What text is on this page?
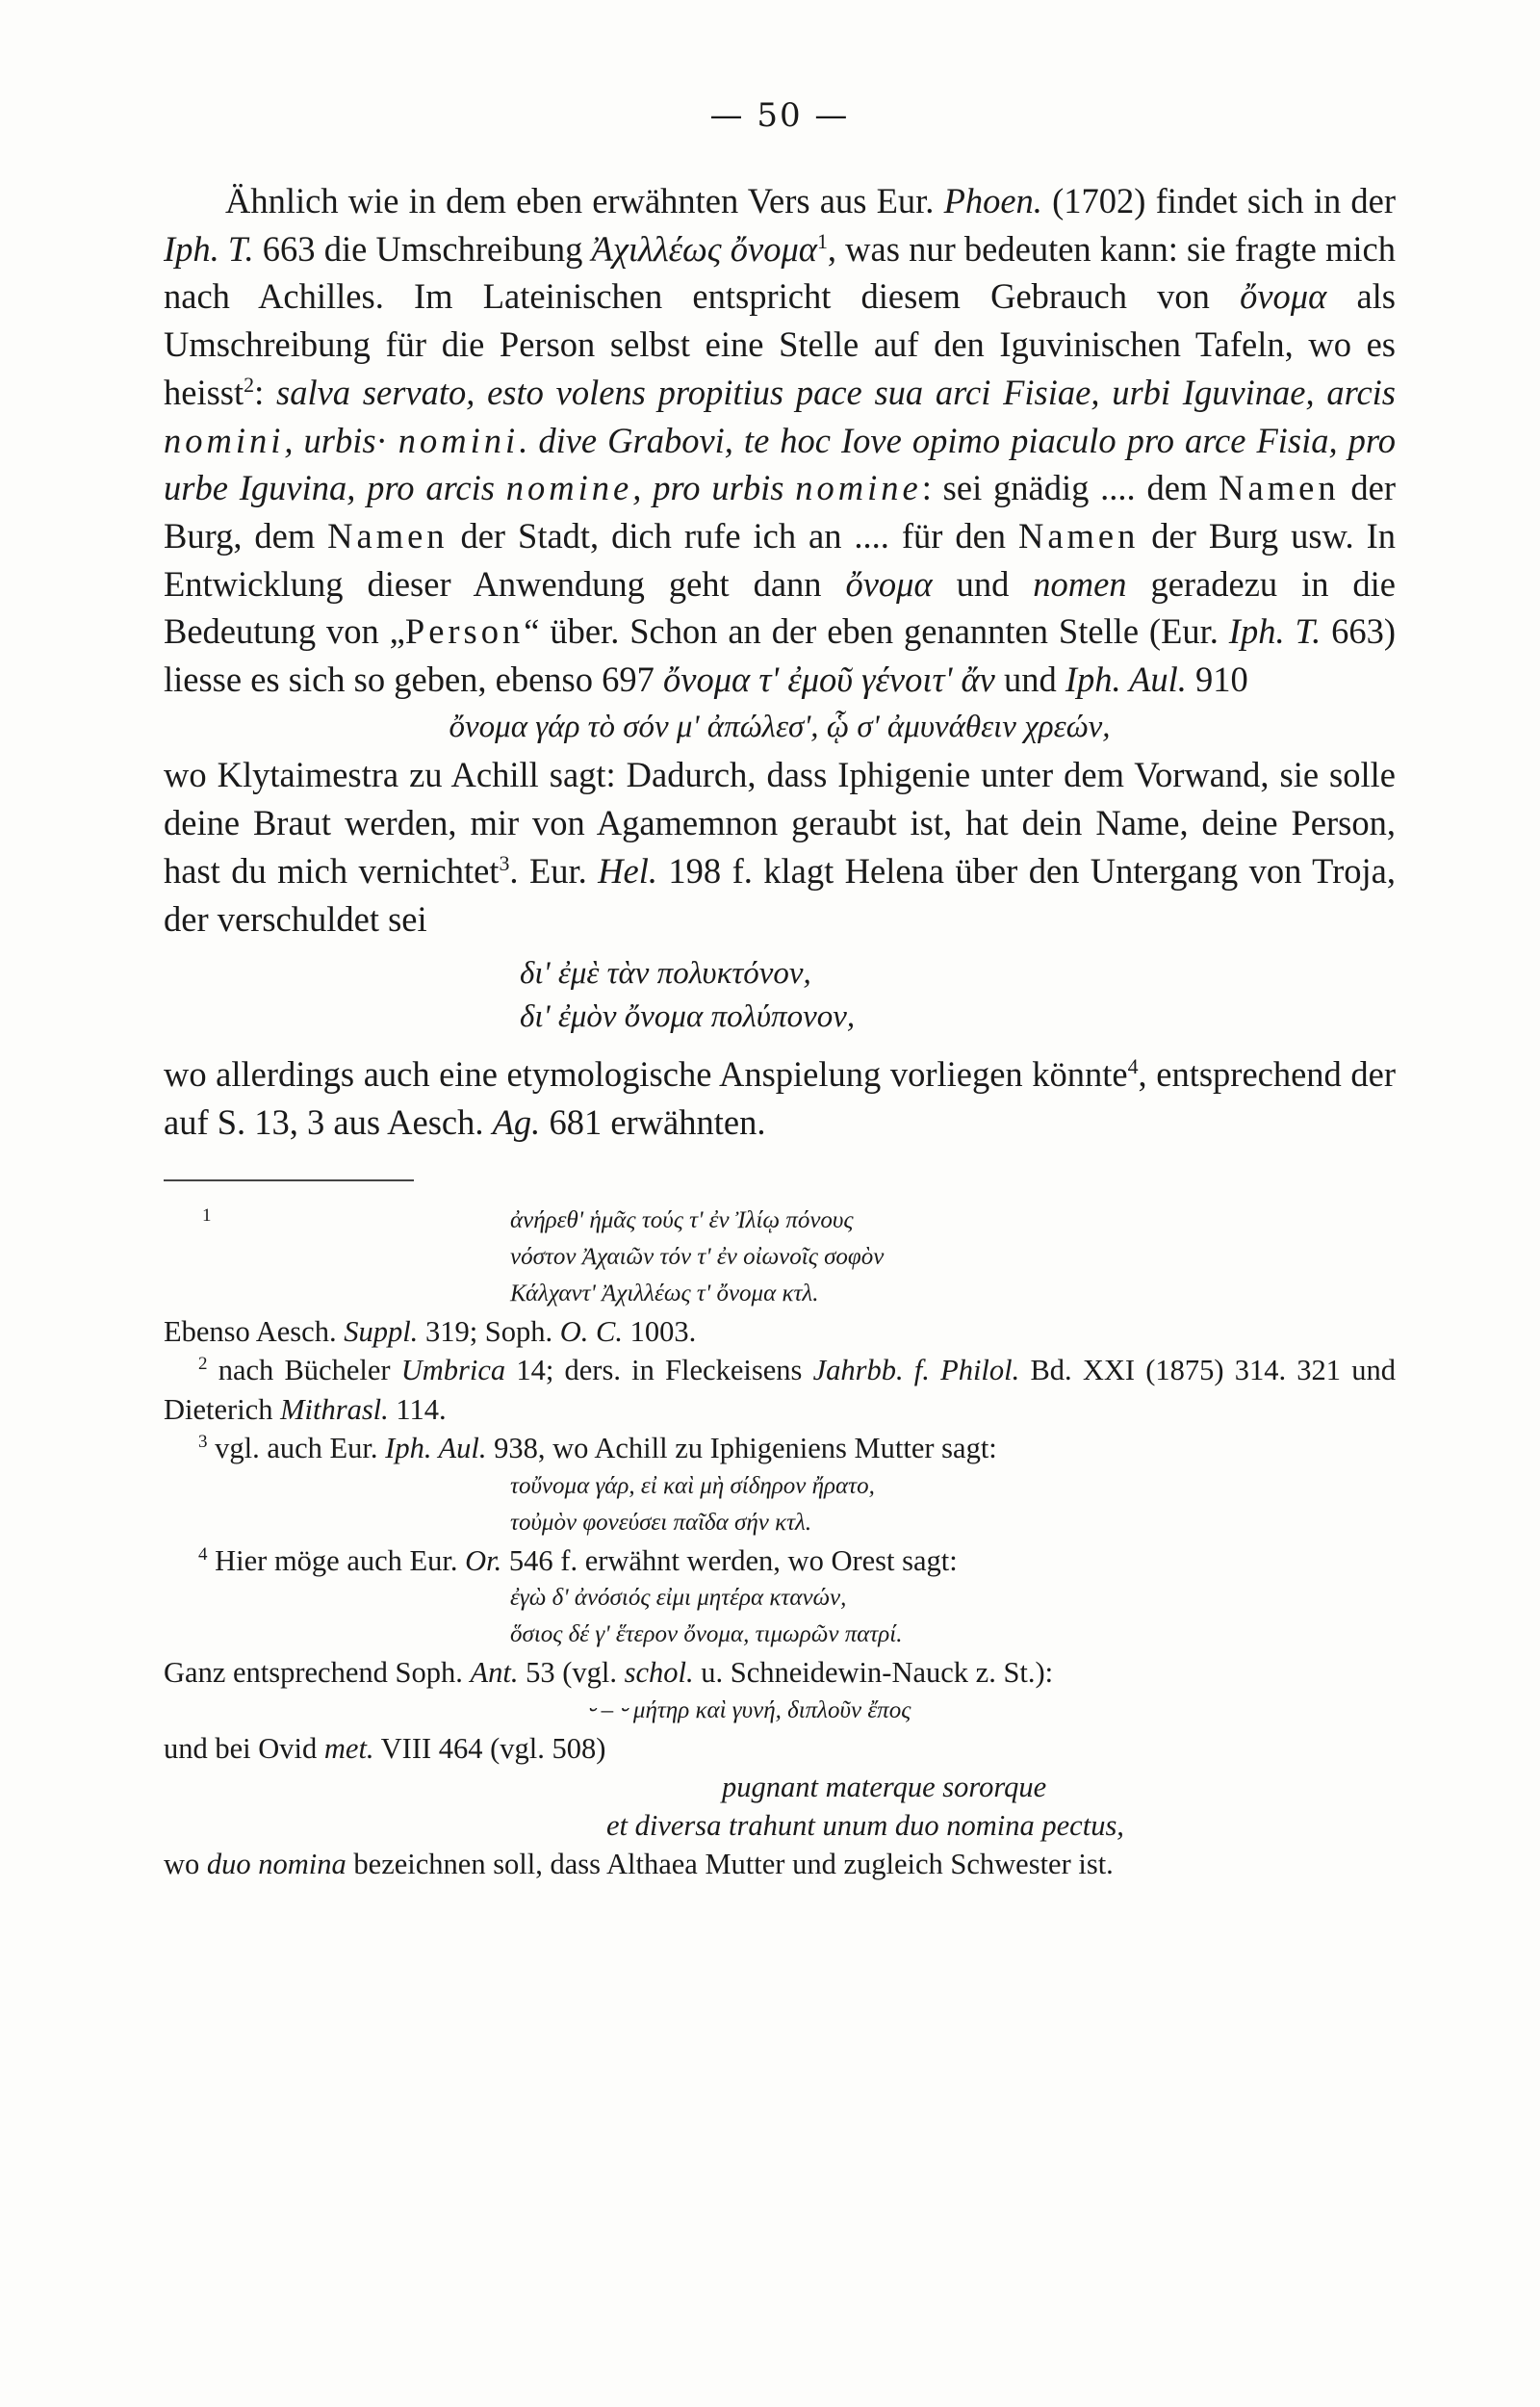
— 50 —

Ähnlich wie in dem eben erwähnten Vers aus Eur. Phoen. (1702) findet sich in der Iph. T. 663 die Umschreibung Ἀχιλλέως ὄνομα$^1$, was nur bedeuten kann: sie fragte mich nach Achilles. Im Lateinischen entspricht diesem Gebrauch von ὄνομα als Umschreibung für die Person selbst eine Stelle auf den Iguvinischen Tafeln, wo es heisst$^2$: salva servato, esto volens propitius pace sua arci Fisiae, urbi Iguvinae, arcis nomini, urbis· nomini. dive Grabovi, te hoc Iove opimo piaculo pro arce Fisia, pro urbe Iguvina, pro arcis nomine, pro urbis nomine: sei gnädig .... dem Namen der Burg, dem Namen der Stadt, dich rufe ich an .... für den Namen der Burg usw. In Entwicklung dieser Anwendung geht dann ὄνομα und nomen geradezu in die Bedeutung von „Person“ über. Schon an der eben genannten Stelle (Eur. Iph. T. 663) liesse es sich so geben, ebenso 697 ὄνομα τ' ἐμοῦ γένοιτ' ἄν und Iph. Aul. 910

ὄνομα γάρ τὸ σόν μ' ἀπώλεσ', ᾧ σ' ἀμυνάθειν χρεών,

wo Klytaimestra zu Achill sagt: Dadurch, dass Iphigenie unter dem Vorwand, sie solle deine Braut werden, mir von Agamemnon geraubt ist, hat dein Name, deine Person, hast du mich vernichtet$^3$. Eur. Hel. 198 f. klagt Helena über den Untergang von Troja, der verschuldet sei

δι' ἐμὲ τὰν πολυκτόνον,
δι' ἐμὸν ὄνομα πολύπονον,

wo allerdings auch eine etymologische Anspielung vorliegen könnte$^4$, entsprechend der auf S. 13, 3 aus Aesch. Ag. 681 erwähnten.

1	ἀνήρεθ' ἡμᾶς τούς τ' ἐν Ἰλίῳ πόνους
νόστον Ἀχαιῶν τόν τ' ἐν οἰωνοῖς σοφὸν
Κάλχαντ' Ἀχιλλέως τ' ὄνομα κτλ.

Ebenso Aesch. Suppl. 319; Soph. O. C. 1003.

$^2$ nach Bücheler Umbrica 14; ders. in Fleckeisens Jahrbb. f. Philol. Bd. XXI (1875) 314. 321 und Dieterich Mithrasl. 114.

$^3$ vgl. auch Eur. Iph. Aul. 938, wo Achill zu Iphigeniens Mutter sagt:

τοὔνομα γάρ, εἰ καὶ μὴ σίδηρον ἤρατο,
τοὐμὸν φονεύσει παῖδα σήν κτλ.

$^4$ Hier möge auch Eur. Or. 546 f. erwähnt werden, wo Orest sagt:

ἐγὼ δ' ἀνόσιός εἰμι μητέρα κτανών,
ὅσιος δέ γ' ἕτερον ὄνομα, τιμωρῶν πατρί.

Ganz entsprechend Soph. Ant. 53 (vgl. schol. u. Schneidewin-Nauck z. St.):

⏑ – ⏑ μήτηρ καὶ γυνή, διπλοῦν ἔπος

und bei Ovid met. VIII 464 (vgl. 508)

pugnant materque sororque
et diversa trahunt unum duo nomina pectus,

wo duo nomina bezeichnen soll, dass Althaea Mutter und zugleich Schwester ist.
